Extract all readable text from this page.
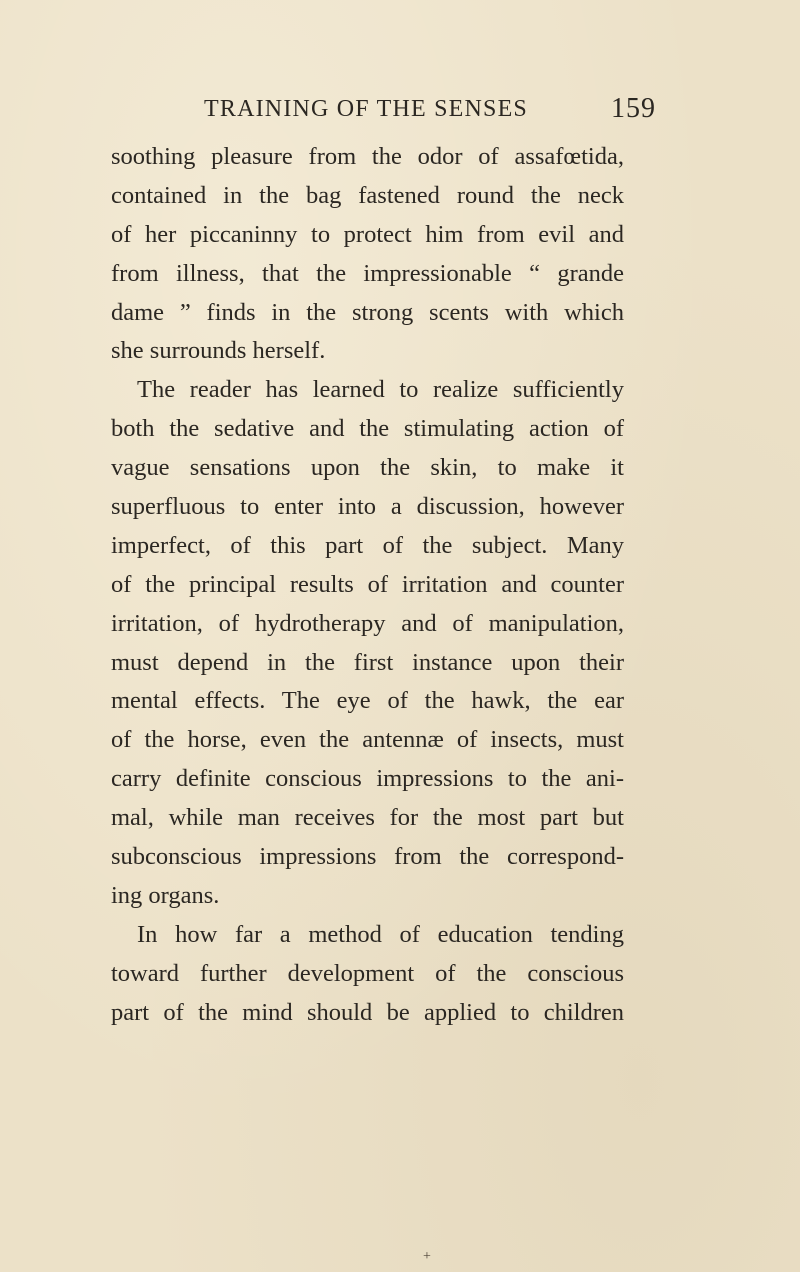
TRAINING OF THE SENSES	159
soothing pleasure from the odor of assafœtida,
contained in the bag fastened round the neck
of her piccaninny to protect him from evil and
from illness, that the impressionable “ grande
dame ” finds in the strong scents with which
she surrounds herself.
The reader has learned to realize sufficiently
both the sedative and the stimulating action of
vague sensations upon the skin, to make it
superfluous to enter into a discussion, however
imperfect, of this part of the subject. Many
of the principal results of irritation and counter
irritation, of hydrotherapy and of manipulation,
must depend in the first instance upon their
mental effects. The eye of the hawk, the ear
of the horse, even the antennæ of insects, must
carry definite conscious impressions to the ani-
mal, while man receives for the most part but
subconscious impressions from the correspond-
ing organs.
In how far a method of education tending
toward further development of the conscious
part of the mind should be applied to children
+
